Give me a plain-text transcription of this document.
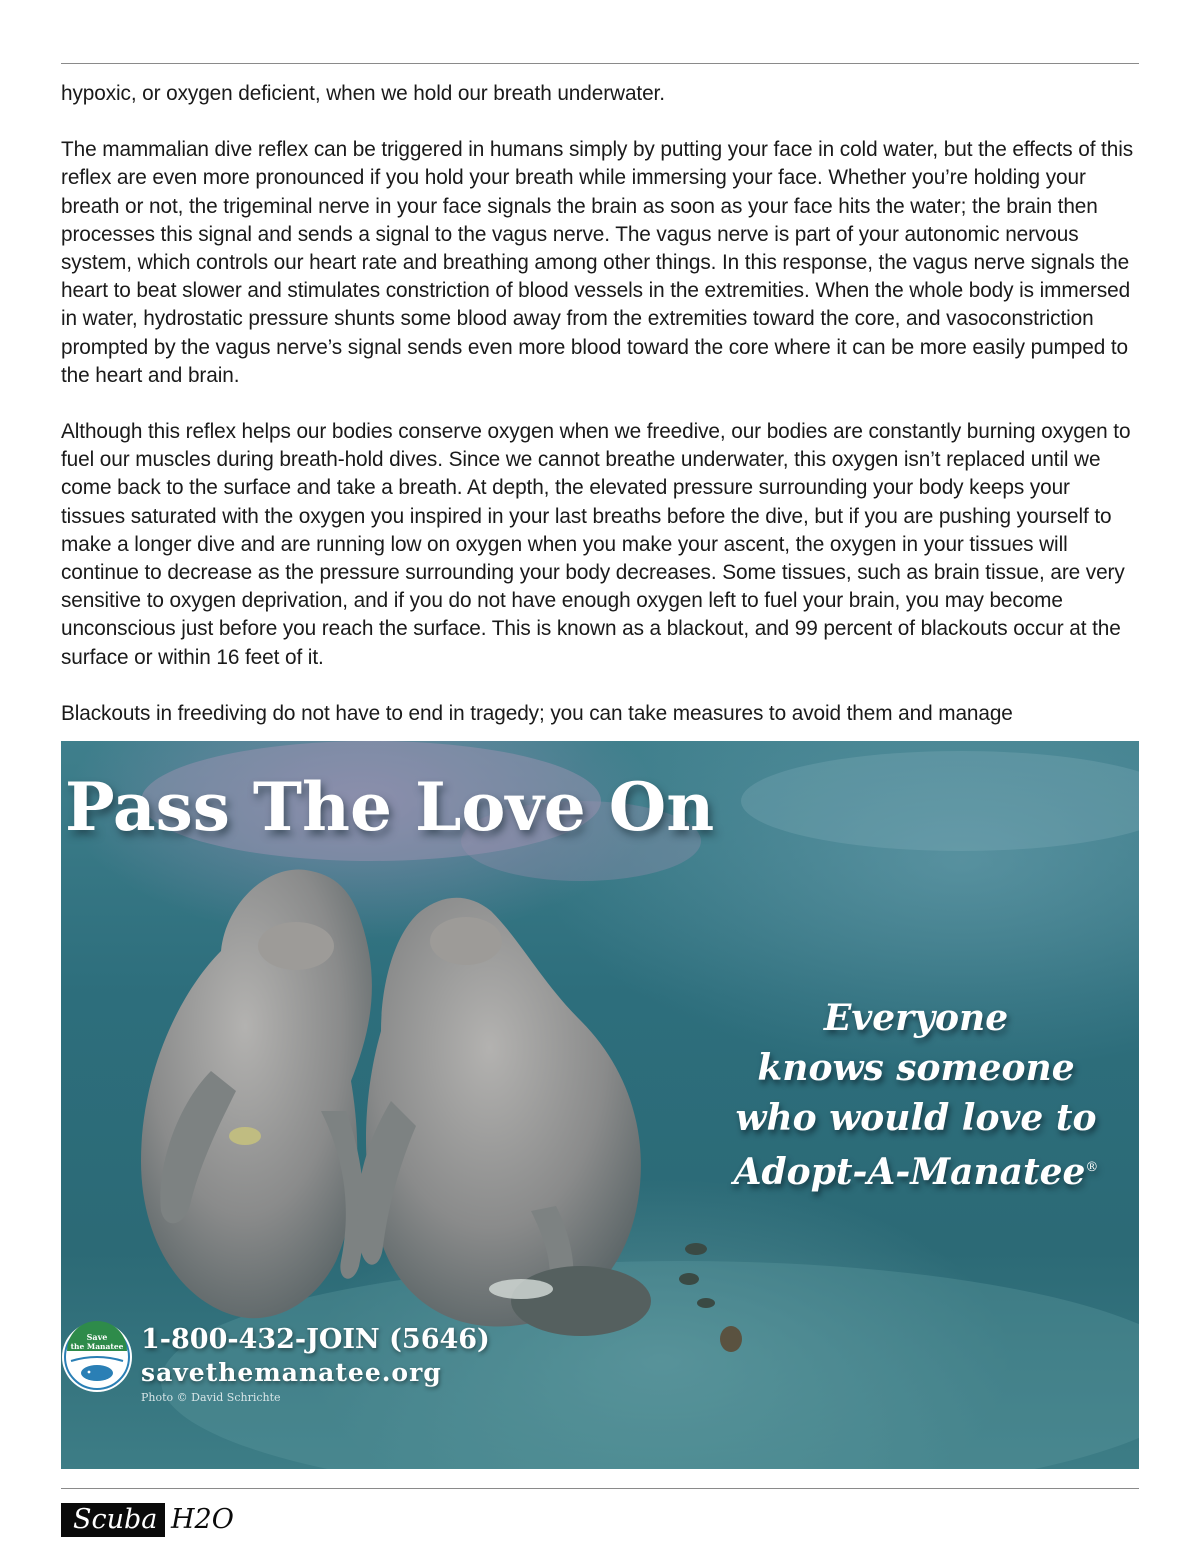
hypoxic, or oxygen deficient, when we hold our breath underwater.

The mammalian dive reflex can be triggered in humans simply by putting your face in cold water, but the effects of this reflex are even more pronounced if you hold your breath while immersing your face. Whether you’re holding your breath or not, the trigeminal nerve in your face signals the brain as soon as your face hits the water; the brain then processes this signal and sends a signal to the vagus nerve. The vagus nerve is part of your autonomic nervous system, which controls our heart rate and breathing among other things. In this response, the vagus nerve signals the heart to beat slower and stimulates constriction of blood vessels in the extremities. When the whole body is immersed in water, hydrostatic pressure shunts some blood away from the extremities toward the core, and vasoconstriction prompted by the vagus nerve’s signal sends even more blood toward the core where it can be more easily pumped to the heart and brain.

Although this reflex helps our bodies conserve oxygen when we freedive, our bodies are constantly burning oxygen to fuel our muscles during breath-hold dives. Since we cannot breathe underwater, this oxygen isn’t replaced until we come back to the surface and take a breath. At depth, the elevated pressure surrounding your body keeps your tissues saturated with the oxygen you inspired in your last breaths before the dive, but if you are pushing yourself to make a longer dive and are running low on oxygen when you make your ascent, the oxygen in your tissues will continue to decrease as the pressure surrounding your body decreases. Some tissues, such as brain tissue, are very sensitive to oxygen deprivation, and if you do not have enough oxygen left to fuel your brain, you may become unconscious just before you reach the surface. This is known as a blackout, and 99 percent of blackouts occur at the surface or within 16 feet of it.

Blackouts in freediving do not have to end in tragedy; you can take measures to avoid them and manage

Pass The Love On

Everyone
knows someone
who would love to
Adopt-A-Manatee®

Save
the Manatee 1-800-432-JOIN (5646)
savethemanatee.org
Photo © David Schrichte
Scuba H2O
